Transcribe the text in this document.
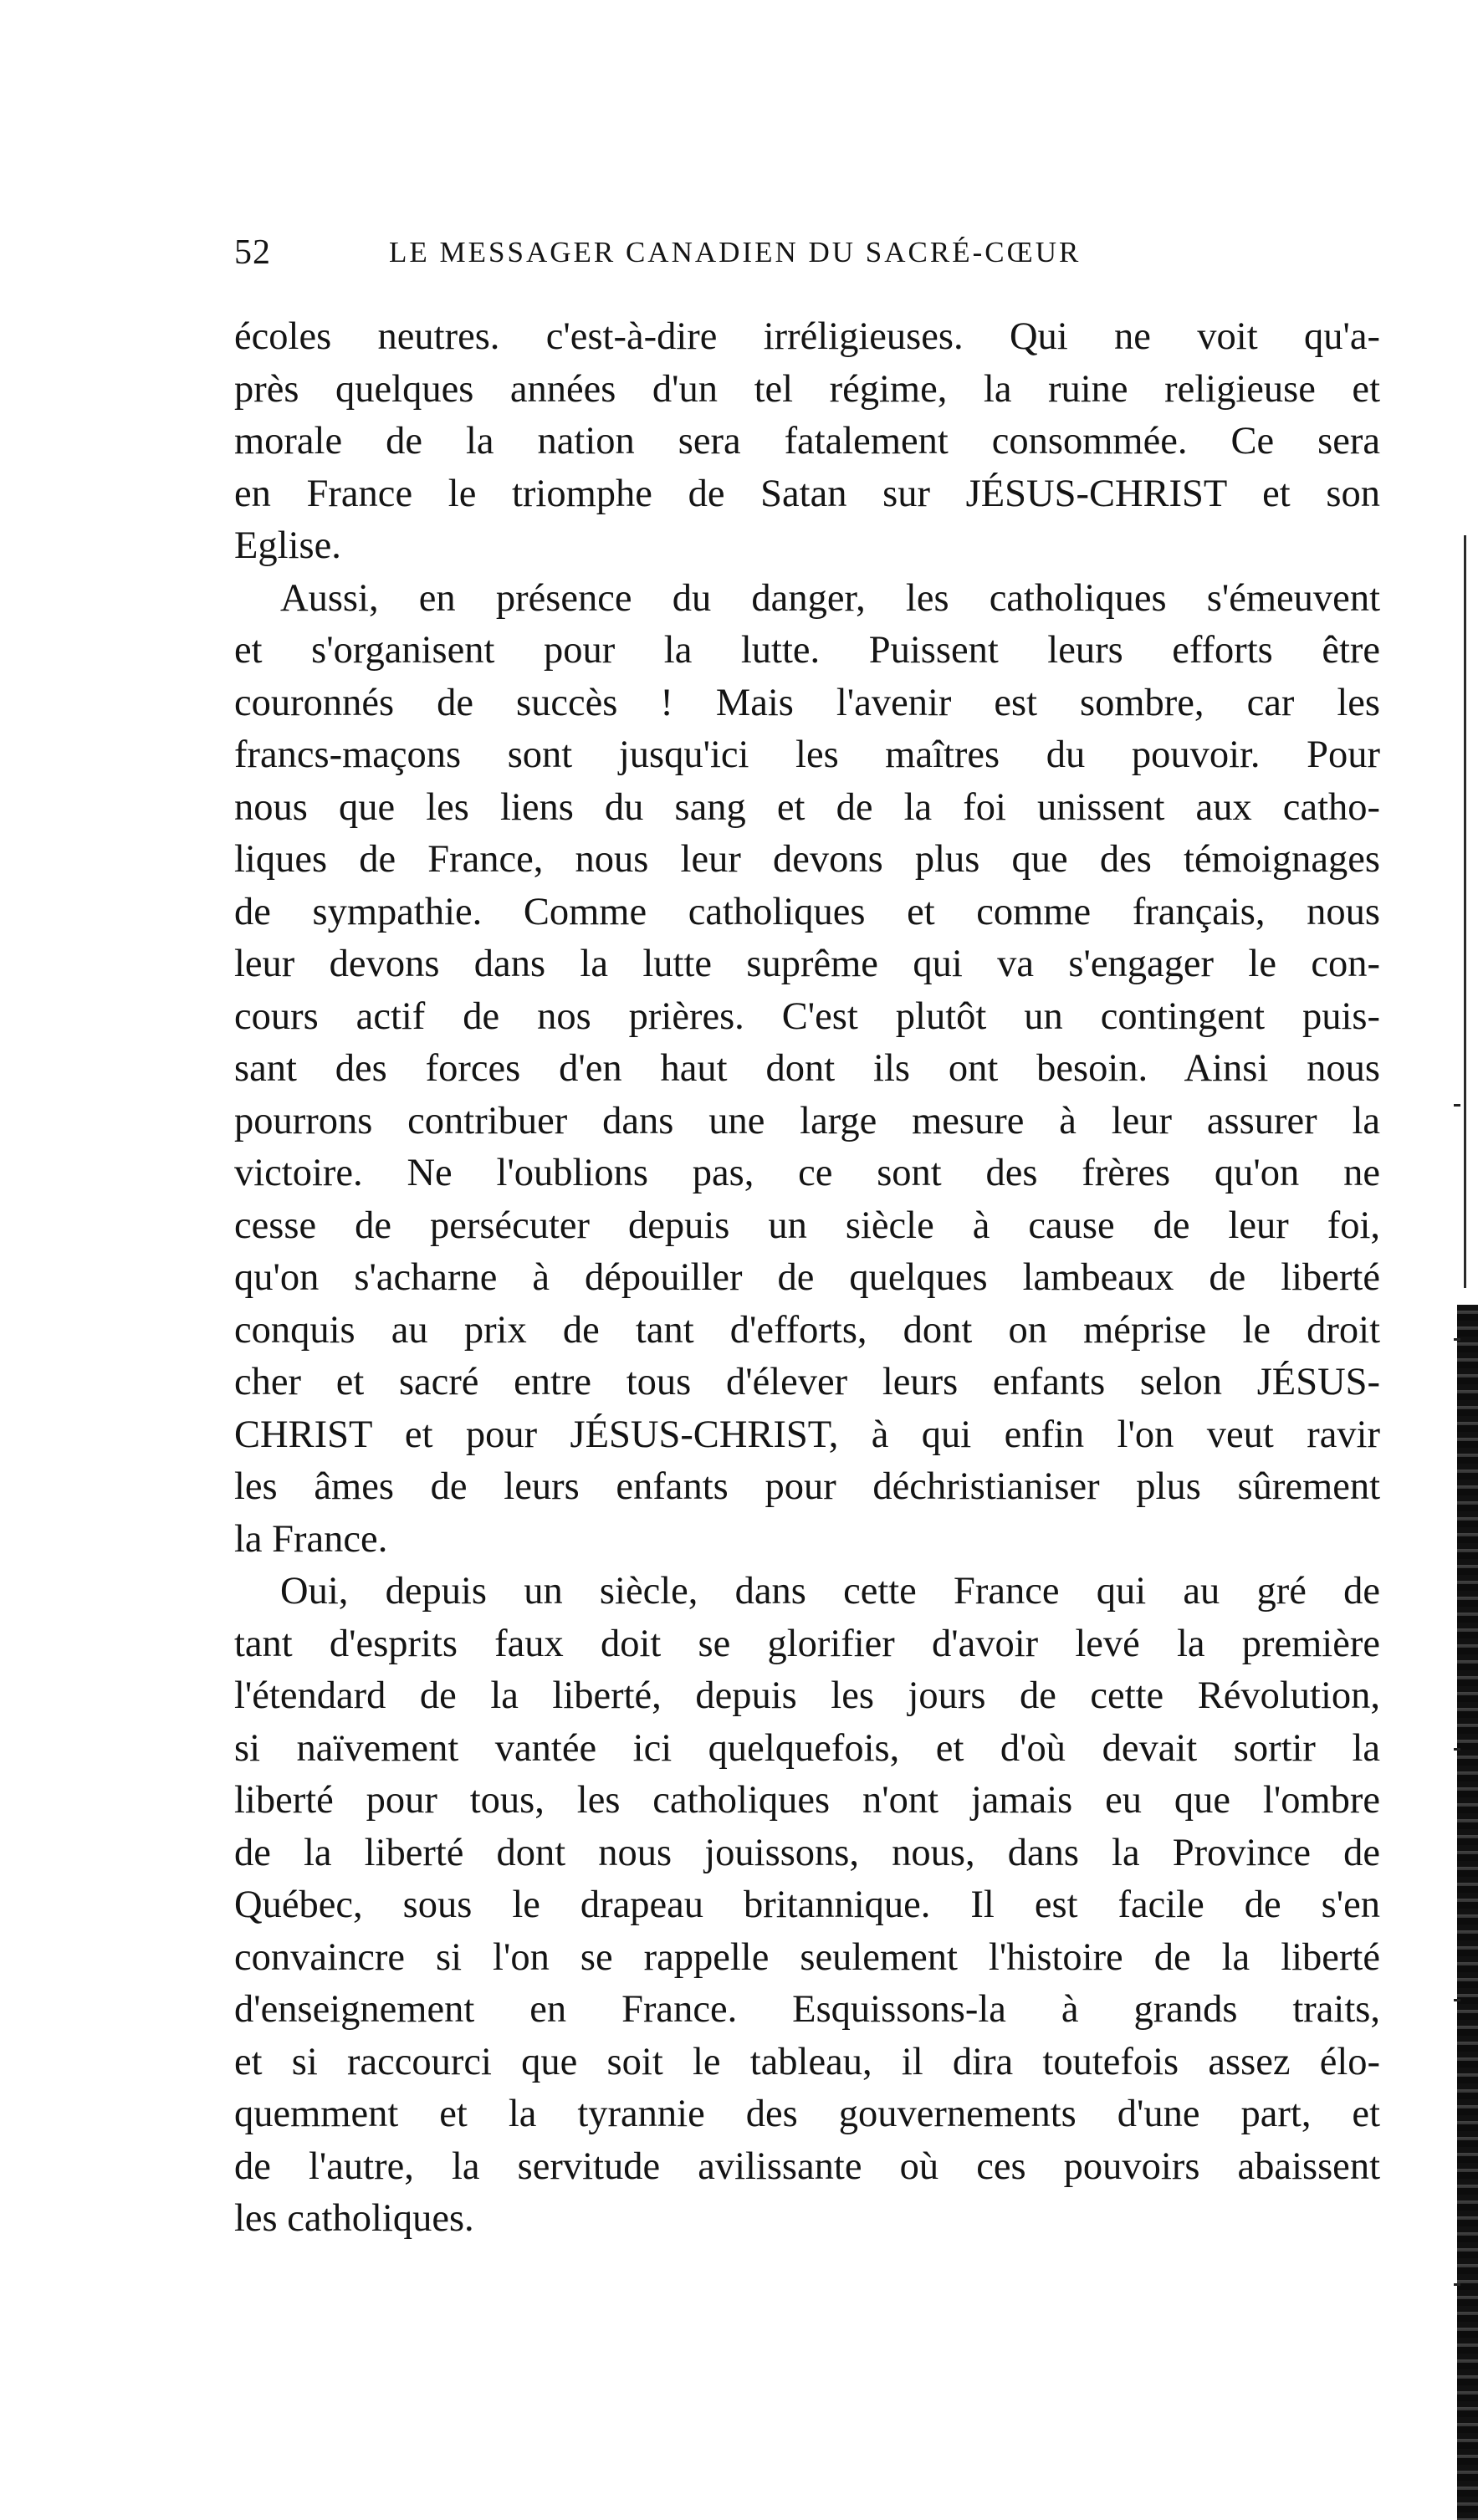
52	LE MESSAGER CANADIEN DU SACRÉ-CŒUR
écoles neutres. c'est-à-dire irréligieuses. Qui ne voit qu'a-
près quelques années d'un tel régime, la ruine religieuse et
morale de la nation sera fatalement consommée. Ce sera
en France le triomphe de Satan sur JÉSUS-CHRIST et son
Eglise.
Aussi, en présence du danger, les catholiques s'émeuvent
et s'organisent pour la lutte. Puissent leurs efforts être
couronnés de succès ! Mais l'avenir est sombre, car les
francs-maçons sont jusqu'ici les maîtres du pouvoir. Pour
nous que les liens du sang et de la foi unissent aux catho-
liques de France, nous leur devons plus que des témoignages
de sympathie. Comme catholiques et comme français, nous
leur devons dans la lutte suprême qui va s'engager le con-
cours actif de nos prières. C'est plutôt un contingent puis-
sant des forces d'en haut dont ils ont besoin. Ainsi nous
pourrons contribuer dans une large mesure à leur assurer la
victoire. Ne l'oublions pas, ce sont des frères qu'on ne
cesse de persécuter depuis un siècle à cause de leur foi,
qu'on s'acharne à dépouiller de quelques lambeaux de liberté
conquis au prix de tant d'efforts, dont on méprise le droit
cher et sacré entre tous d'élever leurs enfants selon JÉSUS-
CHRIST et pour JÉSUS-CHRIST, à qui enfin l'on veut ravir
les âmes de leurs enfants pour déchristianiser plus sûrement
la France.
Oui, depuis un siècle, dans cette France qui au gré de
tant d'esprits faux doit se glorifier d'avoir levé la première
l'étendard de la liberté, depuis les jours de cette Révolution,
si naïvement vantée ici quelquefois, et d'où devait sortir la
liberté pour tous, les catholiques n'ont jamais eu que l'ombre
de la liberté dont nous jouissons, nous, dans la Province de
Québec, sous le drapeau britannique. Il est facile de s'en
convaincre si l'on se rappelle seulement l'histoire de la liberté
d'enseignement en France. Esquissons-la à grands traits,
et si raccourci que soit le tableau, il dira toutefois assez élo-
quemment et la tyrannie des gouvernements d'une part, et
de l'autre, la servitude avilissante où ces pouvoirs abaissent
les catholiques.
